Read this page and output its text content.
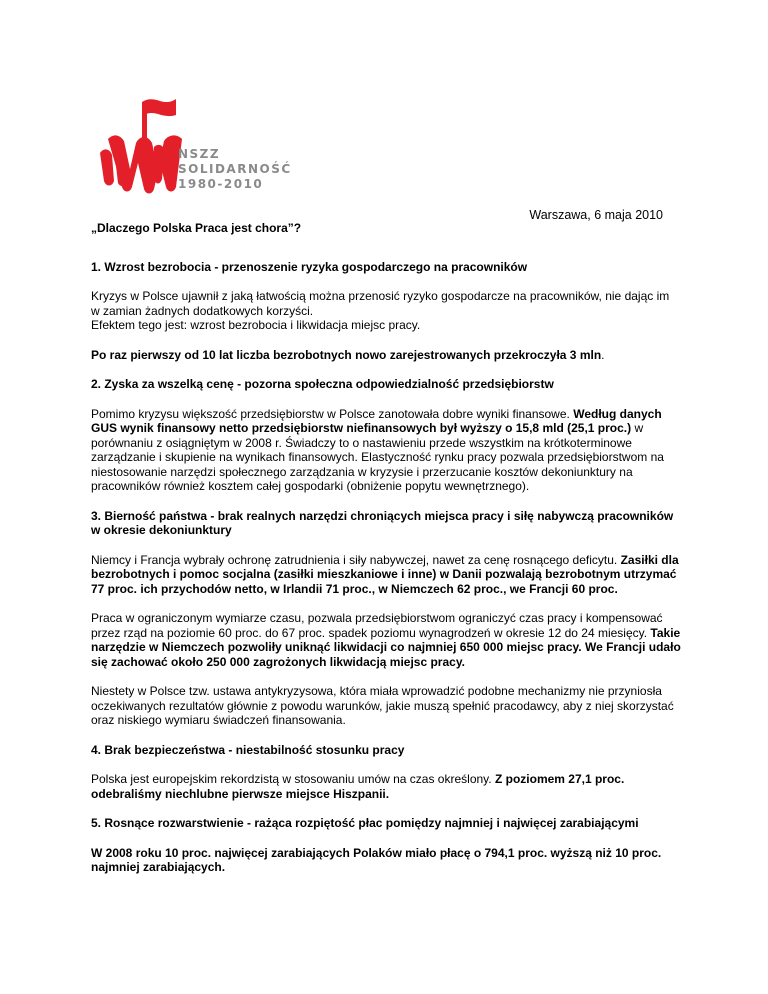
NSZZ
SOLIDARNOŚĆ
1980-2010
Warszawa, 6 maja 2010

„Dlaczego Polska Praca jest chora”?

1. Wzrost bezrobocia - przenoszenie ryzyka gospodarczego na pracowników

Kryzys w Polsce ujawnił z jaką łatwością można przenosić ryzyko gospodarcze na pracowników, nie dając im w zamian żadnych dodatkowych korzyści.

Efektem tego jest: wzrost bezrobocia i likwidacja miejsc pracy.

Po raz pierwszy od 10 lat liczba bezrobotnych nowo zarejestrowanych przekroczyła 3 mln.

2. Zyska za wszelką cenę - pozorna społeczna odpowiedzialność przedsiębiorstw

Pomimo kryzysu większość przedsiębiorstw w Polsce zanotowała dobre wyniki finansowe. Według danych GUS wynik finansowy netto przedsiębiorstw niefinansowych był wyższy o 15,8 mld (25,1 proc.) w porównaniu z osiągniętym w 2008 r. Świadczy to o nastawieniu przede wszystkim na krótkoterminowe zarządzanie i skupienie na wynikach finansowych. Elastyczność rynku pracy pozwala przedsiębiorstwom na niestosowanie narzędzi społecznego zarządzania w kryzysie i przerzucanie kosztów dekoniunktury na pracowników również kosztem całej gospodarki (obniżenie popytu wewnętrznego).

3. Bierność państwa - brak realnych narzędzi chroniących miejsca pracy i siłę nabywczą pracowników w okresie dekoniunktury

Niemcy i Francja wybrały ochronę zatrudnienia i siły nabywczej, nawet za cenę rosnącego deficytu. Zasiłki dla bezrobotnych i pomoc socjalna (zasiłki mieszkaniowe i inne) w Danii pozwalają bezrobotnym utrzymać 77 proc. ich przychodów netto, w Irlandii 71 proc., w Niemczech 62 proc., we Francji 60 proc.

Praca w ograniczonym wymiarze czasu, pozwala przedsiębiorstwom ograniczyć czas pracy i kompensować przez rząd na poziomie 60 proc. do 67 proc. spadek poziomu wynagrodzeń w okresie 12 do 24 miesięcy. Takie narzędzie w Niemczech pozwoliły uniknąć likwidacji co najmniej 650 000 miejsc pracy. We Francji udało się zachować około 250 000 zagrożonych likwidacją miejsc pracy.

Niestety w Polsce tzw. ustawa antykryzysowa, która miała wprowadzić podobne mechanizmy nie przyniosła oczekiwanych rezultatów głównie z powodu warunków, jakie muszą spełnić pracodawcy, aby z niej skorzystać oraz niskiego wymiaru świadczeń finansowania.

4. Brak bezpieczeństwa - niestabilność stosunku pracy

Polska jest europejskim rekordzistą w stosowaniu umów na czas określony. Z poziomem 27,1 proc. odebraliśmy niechlubne pierwsze miejsce Hiszpanii.

5. Rosnące rozwarstwienie - rażąca rozpiętość płac pomiędzy najmniej i najwięcej zarabiającymi

W 2008 roku 10 proc. najwięcej zarabiających Polaków miało płacę o 794,1 proc. wyższą niż 10 proc. najmniej zarabiających.
